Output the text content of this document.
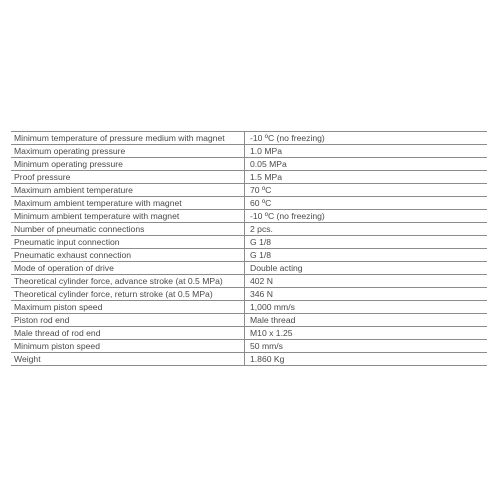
Minimum temperature of pressure medium with magnet	-10 ºC (no freezing)
Maximum operating pressure	1.0 MPa
Minimum operating pressure	0.05 MPa
Proof pressure	1.5 MPa
Maximum ambient temperature	70 ºC
Maximum ambient temperature with magnet	60 ºC
Minimum ambient temperature with magnet	-10 ºC (no freezing)
Number of pneumatic connections	2 pcs.
Pneumatic input connection	G 1/8
Pneumatic exhaust connection	G 1/8
Mode of operation of drive	Double acting
Theoretical cylinder force, advance stroke (at 0.5 MPa)	402 N
Theoretical cylinder force, return stroke (at 0.5 MPa)	346 N
Maximum piston speed	1,000 mm/s
Piston rod end	Male thread
Male thread of rod end	M10 x 1.25
Minimum piston speed	50 mm/s
Weight	1.860 Kg
